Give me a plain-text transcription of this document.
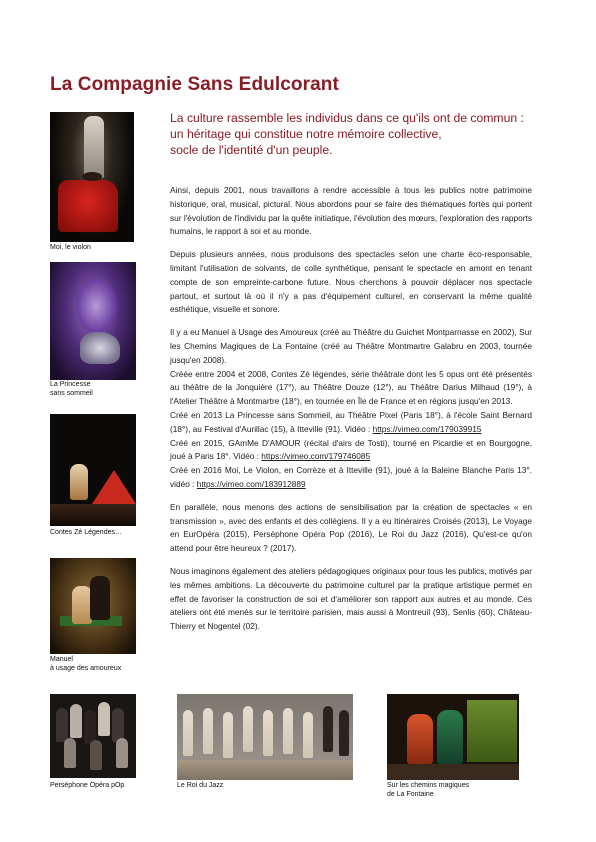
La Compagnie Sans Edulcorant
La culture rassemble les individus dans ce qu'ils ont de commun :
un héritage qui constitue notre mémoire collective,
socle de l'identité d'un peuple.

Ainsi, depuis 2001, nous travaillons à rendre accessible à tous les publics notre patrimoine historique, oral, musical, pictural. Nous abordons pour se faire des thématiques fortes qui portent sur l'évolution de l'individu par la quête initiatique, l'évolution des mœurs, l'exploration des rapports humains, le rapport à soi et au monde.

Depuis plusieurs années, nous produisons des spectacles selon une charte éco-responsable, limitant l'utilisation de solvants, de colle synthétique, pensant le spectacle en amont en tenant compte de son empreinte-carbone future. Nous cherchons à pouvoir déplacer nos spectacle partout, et surtout là où il n'y a pas d'équipement culturel, en conservant la même qualité esthétique, visuelle et sonore.

Il y a eu Manuel à Usage des Amoureux (créé au Théâtre du Guichet Montparnasse en 2002), Sur les Chemins Magiques de La Fontaine (créé au Théâtre Montmartre Galabru en 2003, tournée jusqu'en 2008).

Créée entre 2004 et 2008, Contes Zé légendes, série théâtrale dont les 5 opus ont été présentés au théâtre de la Jonquière (17°), au Théâtre Douze (12°), au Théâtre Darius Milhaud (19°), à l'Atelier Théâtre à Montmartre (18°), en tournée en Île de France et en régions jusqu'en 2013.

Créé en 2013 La Princesse sans Sommeil, au Théâtre Pixel (Paris 18°), à l'école Saint Bernard (18°), au Festival d'Aurillac (15), à Itteville (91). Vidéo : https://vimeo.com/179039915

Créé en 2015, GAmMe D'AMOUR (récital d'airs de Tosti), tourné en Picardie et en Bourgogne, joué à Paris 18°. Vidéo : https://vimeo.com/179746085

Créé en 2016 Moi, Le Violon, en Corrèze et à Itteville (91), joué à la Baleine Blanche Paris 13°. vidéo : https://vimeo.com/183912889

En parallèle, nous menons des actions de sensibilisation par la création de spectacles « en transmission », avec des enfants et des collégiens. Il y a eu Itinéraires Croisés (2013), Le Voyage en EurOpéra (2015), Perséphone Opéra Pop (2016), Le Roi du Jazz (2016), Qu'est-ce qu'on attend pour être heureux ? (2017).

Nous imaginons également des ateliers pédagogiques originaux pour tous les publics, motivés par les mêmes ambitions. La découverte du patrimoine culturel par la pratique artistique permet en effet de favoriser la construction de soi et d'améliorer son rapport aux autres et au monde. Ces ateliers ont été menés sur le territoire parisien, mais aussi à Montreuil (93), Senlis (60), Château-Thierry et Nogentel (02).

Moi, le violon
La Princesse
sans sommeil
Contes Zé Légendes…
Manuel
à usage des amoureux
Perséphone Opéra pOp	Le Roi du Jazz	Sur les chemins magiques
de La Fontaine
